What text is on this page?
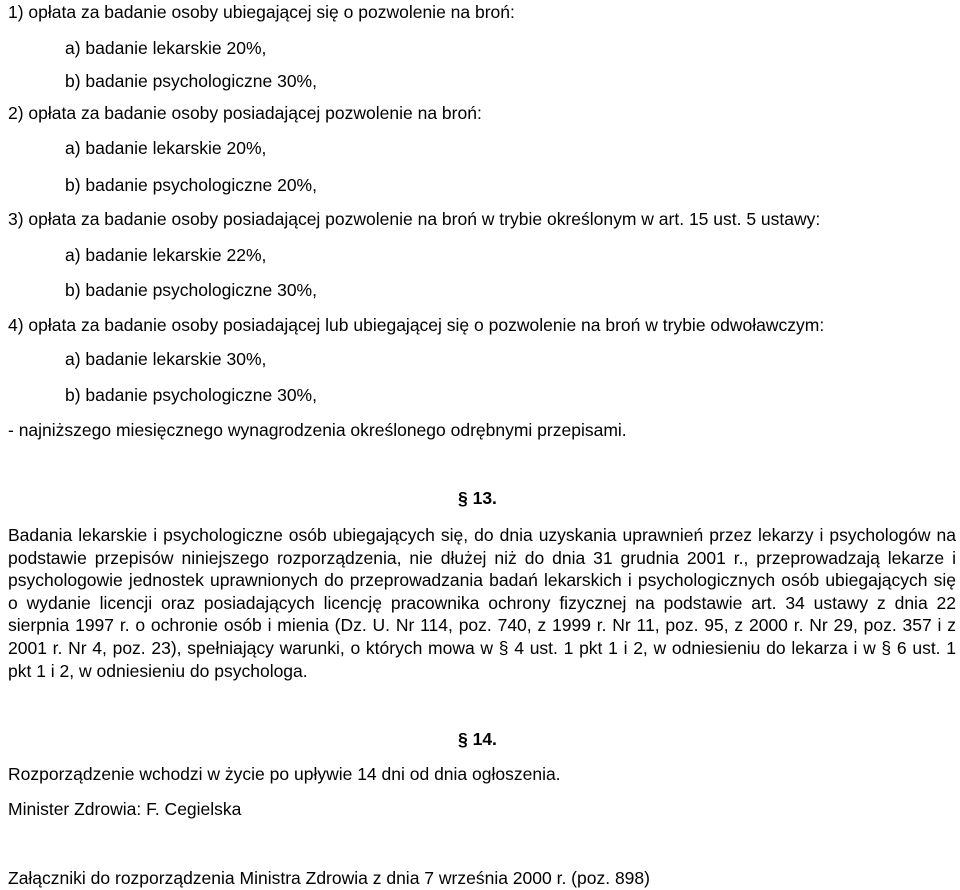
1) opłata za badanie osoby ubiegającej się o pozwolenie na broń:
a) badanie lekarskie 20%,
b) badanie psychologiczne 30%,
2) opłata za badanie osoby posiadającej pozwolenie na broń:
a) badanie lekarskie 20%,
b) badanie psychologiczne 20%,
3) opłata za badanie osoby posiadającej pozwolenie na broń w trybie określonym w art. 15 ust. 5 ustawy:
a) badanie lekarskie 22%,
b) badanie psychologiczne 30%,
4) opłata za badanie osoby posiadającej lub ubiegającej się o pozwolenie na broń w trybie odwoławczym:
a) badanie lekarskie 30%,
b) badanie psychologiczne 30%,
- najniższego miesięcznego wynagrodzenia określonego odrębnymi przepisami.
§ 13.
Badania lekarskie i psychologiczne osób ubiegających się, do dnia uzyskania uprawnień przez lekarzy i psychologów na podstawie przepisów niniejszego rozporządzenia, nie dłużej niż do dnia 31 grudnia 2001 r., przeprowadzają lekarze i psychologowie jednostek uprawnionych do przeprowadzania badań lekarskich i psychologicznych osób ubiegających się o wydanie licencji oraz posiadających licencję pracownika ochrony fizycznej na podstawie art. 34 ustawy z dnia 22 sierpnia 1997 r. o ochronie osób i mienia (Dz. U. Nr 114, poz. 740, z 1999 r. Nr 11, poz. 95, z 2000 r. Nr 29, poz. 357 i z 2001 r. Nr 4, poz. 23), spełniający warunki, o których mowa w § 4 ust. 1 pkt 1 i 2, w odniesieniu do lekarza i w § 6 ust. 1 pkt 1 i 2, w odniesieniu do psychologa.
§ 14.
Rozporządzenie wchodzi w życie po upływie 14 dni od dnia ogłoszenia.
Minister Zdrowia: F. Cegielska
Załączniki do rozporządzenia Ministra Zdrowia z dnia 7 września 2000 r. (poz. 898)
